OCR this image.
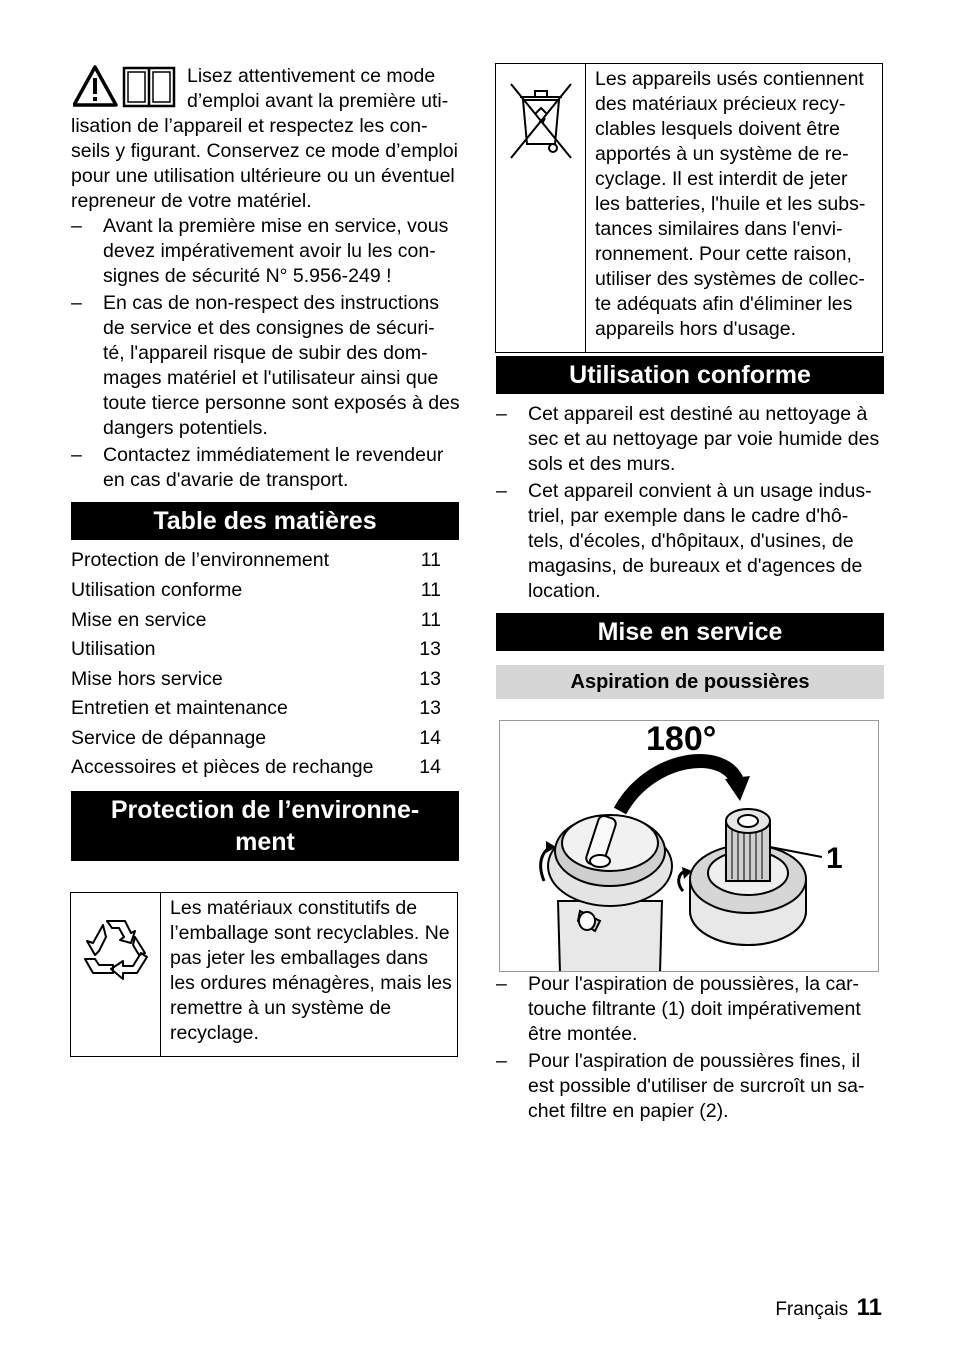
Lisez attentivement ce mode
d’emploi avant la première uti-

lisation de l’appareil et respectez les con- seils y figurant. Conservez ce mode d’emploi pour une utilisation ultérieure ou un éventuel repreneur de votre matériel.

– Avant la première mise en service, vous devez impérativement avoir lu les con- signes de sécurité N° 5.956-249 !

– En cas de non-respect des instructions de service et des consignes de sécuri- té, l'appareil risque de subir des dom- mages matériel et l'utilisateur ainsi que toute tierce personne sont exposés à des dangers potentiels.

– Contactez immédiatement le revendeur en cas d'avarie de transport.

Table des matières
Protection de l’environnement	11
Utilisation conforme	11
Mise en service	11
Utilisation	13
Mise hors service	13
Entretien et maintenance	13
Service de dépannage	14
Accessoires et pièces de rechange 14
Protection de l’environne-
ment

Les matériaux constitutifs de l’emballage sont recyclables. Ne pas jeter les emballages dans les ordures ménagères, mais les remettre à un système de recyclage.

Les appareils usés contiennent des matériaux précieux recy- clables lesquels doivent être apportés à un système de re- cyclage. Il est interdit de jeter les batteries, l'huile et les subs- tances similaires dans l'envi- ronnement. Pour cette raison, utiliser des systèmes de collec- te adéquats afin d'éliminer les appareils hors d'usage.

Utilisation conforme

– Cet appareil est destiné au nettoyage à sec et au nettoyage par voie humide des sols et des murs.

– Cet appareil convient à un usage indus- triel, par exemple dans le cadre d'hô- tels, d'écoles, d'hôpitaux, d'usines, de magasins, de bureaux et d'agences de location.

Mise en service
Aspiration de poussières
180°
1

– Pour l'aspiration de poussières, la car- touche filtrante (1) doit impérativement être montée.

– Pour l'aspiration de poussières fines, il est possible d'utiliser de surcroît un sa- chet filtre en papier (2).

Français 11
